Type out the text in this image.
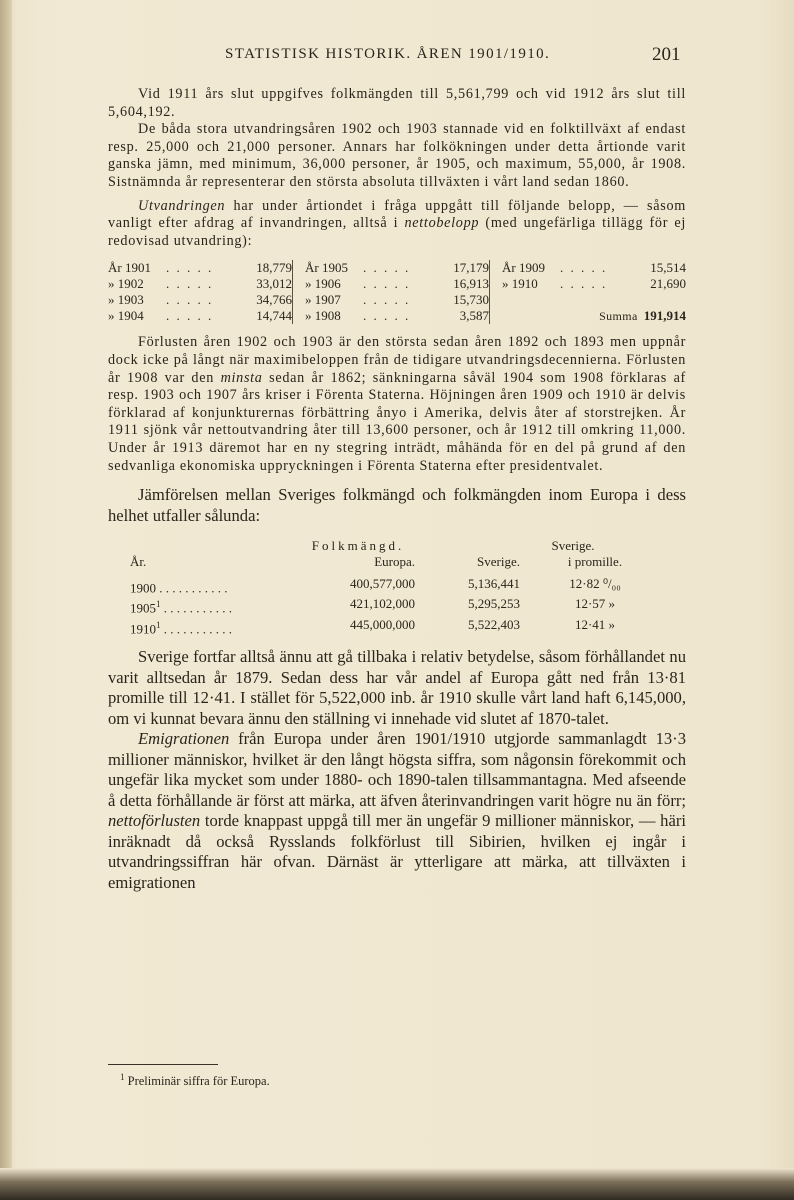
STATISTISK HISTORIK. ÅREN 1901/1910.	201

Vid 1911 års slut uppgifves folkmängden till 5,561,799 och vid 1912 års slut till 5,604,192.

De båda stora utvandringsåren 1902 och 1903 stannade vid en folktillväxt af endast resp. 25,000 och 21,000 personer. Annars har folkökningen under detta årtionde varit ganska jämn, med minimum, 36,000 personer, år 1905, och maximum, 55,000, år 1908. Sistnämnda år representerar den största absoluta tillväxten i vårt land sedan 1860.

Utvandringen har under årtiondet i fråga uppgått till följande belopp, — såsom vanligt efter afdrag af invandringen, alltså i nettobelopp (med ungefärliga tillägg för ej redovisad utvandring):

År 1901	. . . . .	18,779
» 1902	. . . . .	33,012
» 1903	. . . . .	34,766
» 1904	. . . . .	14,744
År 1905	. . . . .	17,179
» 1906	. . . . .	16,913
» 1907	. . . . .	15,730
» 1908	. . . . .	3,587
År 1909	. . . . .	15,514
» 1910	. . . . .	21,690
Summa 191,914

Förlusten åren 1902 och 1903 är den största sedan åren 1892 och 1893 men uppnår dock icke på långt när maximibeloppen från de tidigare utvandringsdecennierna. Förlusten år 1908 var den minsta sedan år 1862; sänkningarna såväl 1904 som 1908 förklaras af resp. 1903 och 1907 års kriser i Förenta Staterna. Höjningen åren 1909 och 1910 är delvis förklarad af konjunkturernas förbättring ånyo i Amerika, delvis åter af storstrejken. År 1911 sjönk vår nettoutvandring åter till 13,600 personer, och år 1912 till omkring 11,000. Under år 1913 däremot har en ny stegring inträdt, måhända för en del på grund af den sedvanliga ekonomiska uppryckningen i Förenta Staterna efter presidentvalet.

Jämförelsen mellan Sveriges folkmängd och folkmängden inom Europa i dess helhet utfaller sålunda:

Folkmängd.	Sverige.
År.	Europa.	Sverige.	i promille.
1900 . . . . . . . . . . .	400,577,000	5,136,441	12·82 ⁰/₀₀
1905$^1$ . . . . . . . . . . .	421,102,000	5,295,253	12·57 »
1910$^1$ . . . . . . . . . . .	445,000,000	5,522,403	12·41 »

Sverige fortfar alltså ännu att gå tillbaka i relativ betydelse, såsom förhållandet nu varit alltsedan år 1879. Sedan dess har vår andel af Europa gått ned från 13·81 promille till 12·41. I stället för 5,522,000 inb. år 1910 skulle vårt land haft 6,145,000, om vi kunnat bevara ännu den ställning vi innehade vid slutet af 1870-talet.

Emigrationen från Europa under åren 1901/1910 utgjorde sammanlagdt 13·3 millioner människor, hvilket är den långt högsta siffra, som någonsin förekommit och ungefär lika mycket som under 1880- och 1890-talen tillsammantagna. Med afseende å detta förhållande är först att märka, att äfven återinvandringen varit högre nu än förr; nettoförlusten torde knappast uppgå till mer än ungefär 9 millioner människor, — häri inräknadt då också Rysslands folkförlust till Sibirien, hvilken ej ingår i utvandringssiffran här ofvan. Därnäst är ytterligare att märka, att tillväxten i emigrationen

$^1$ Preliminär siffra för Europa.
